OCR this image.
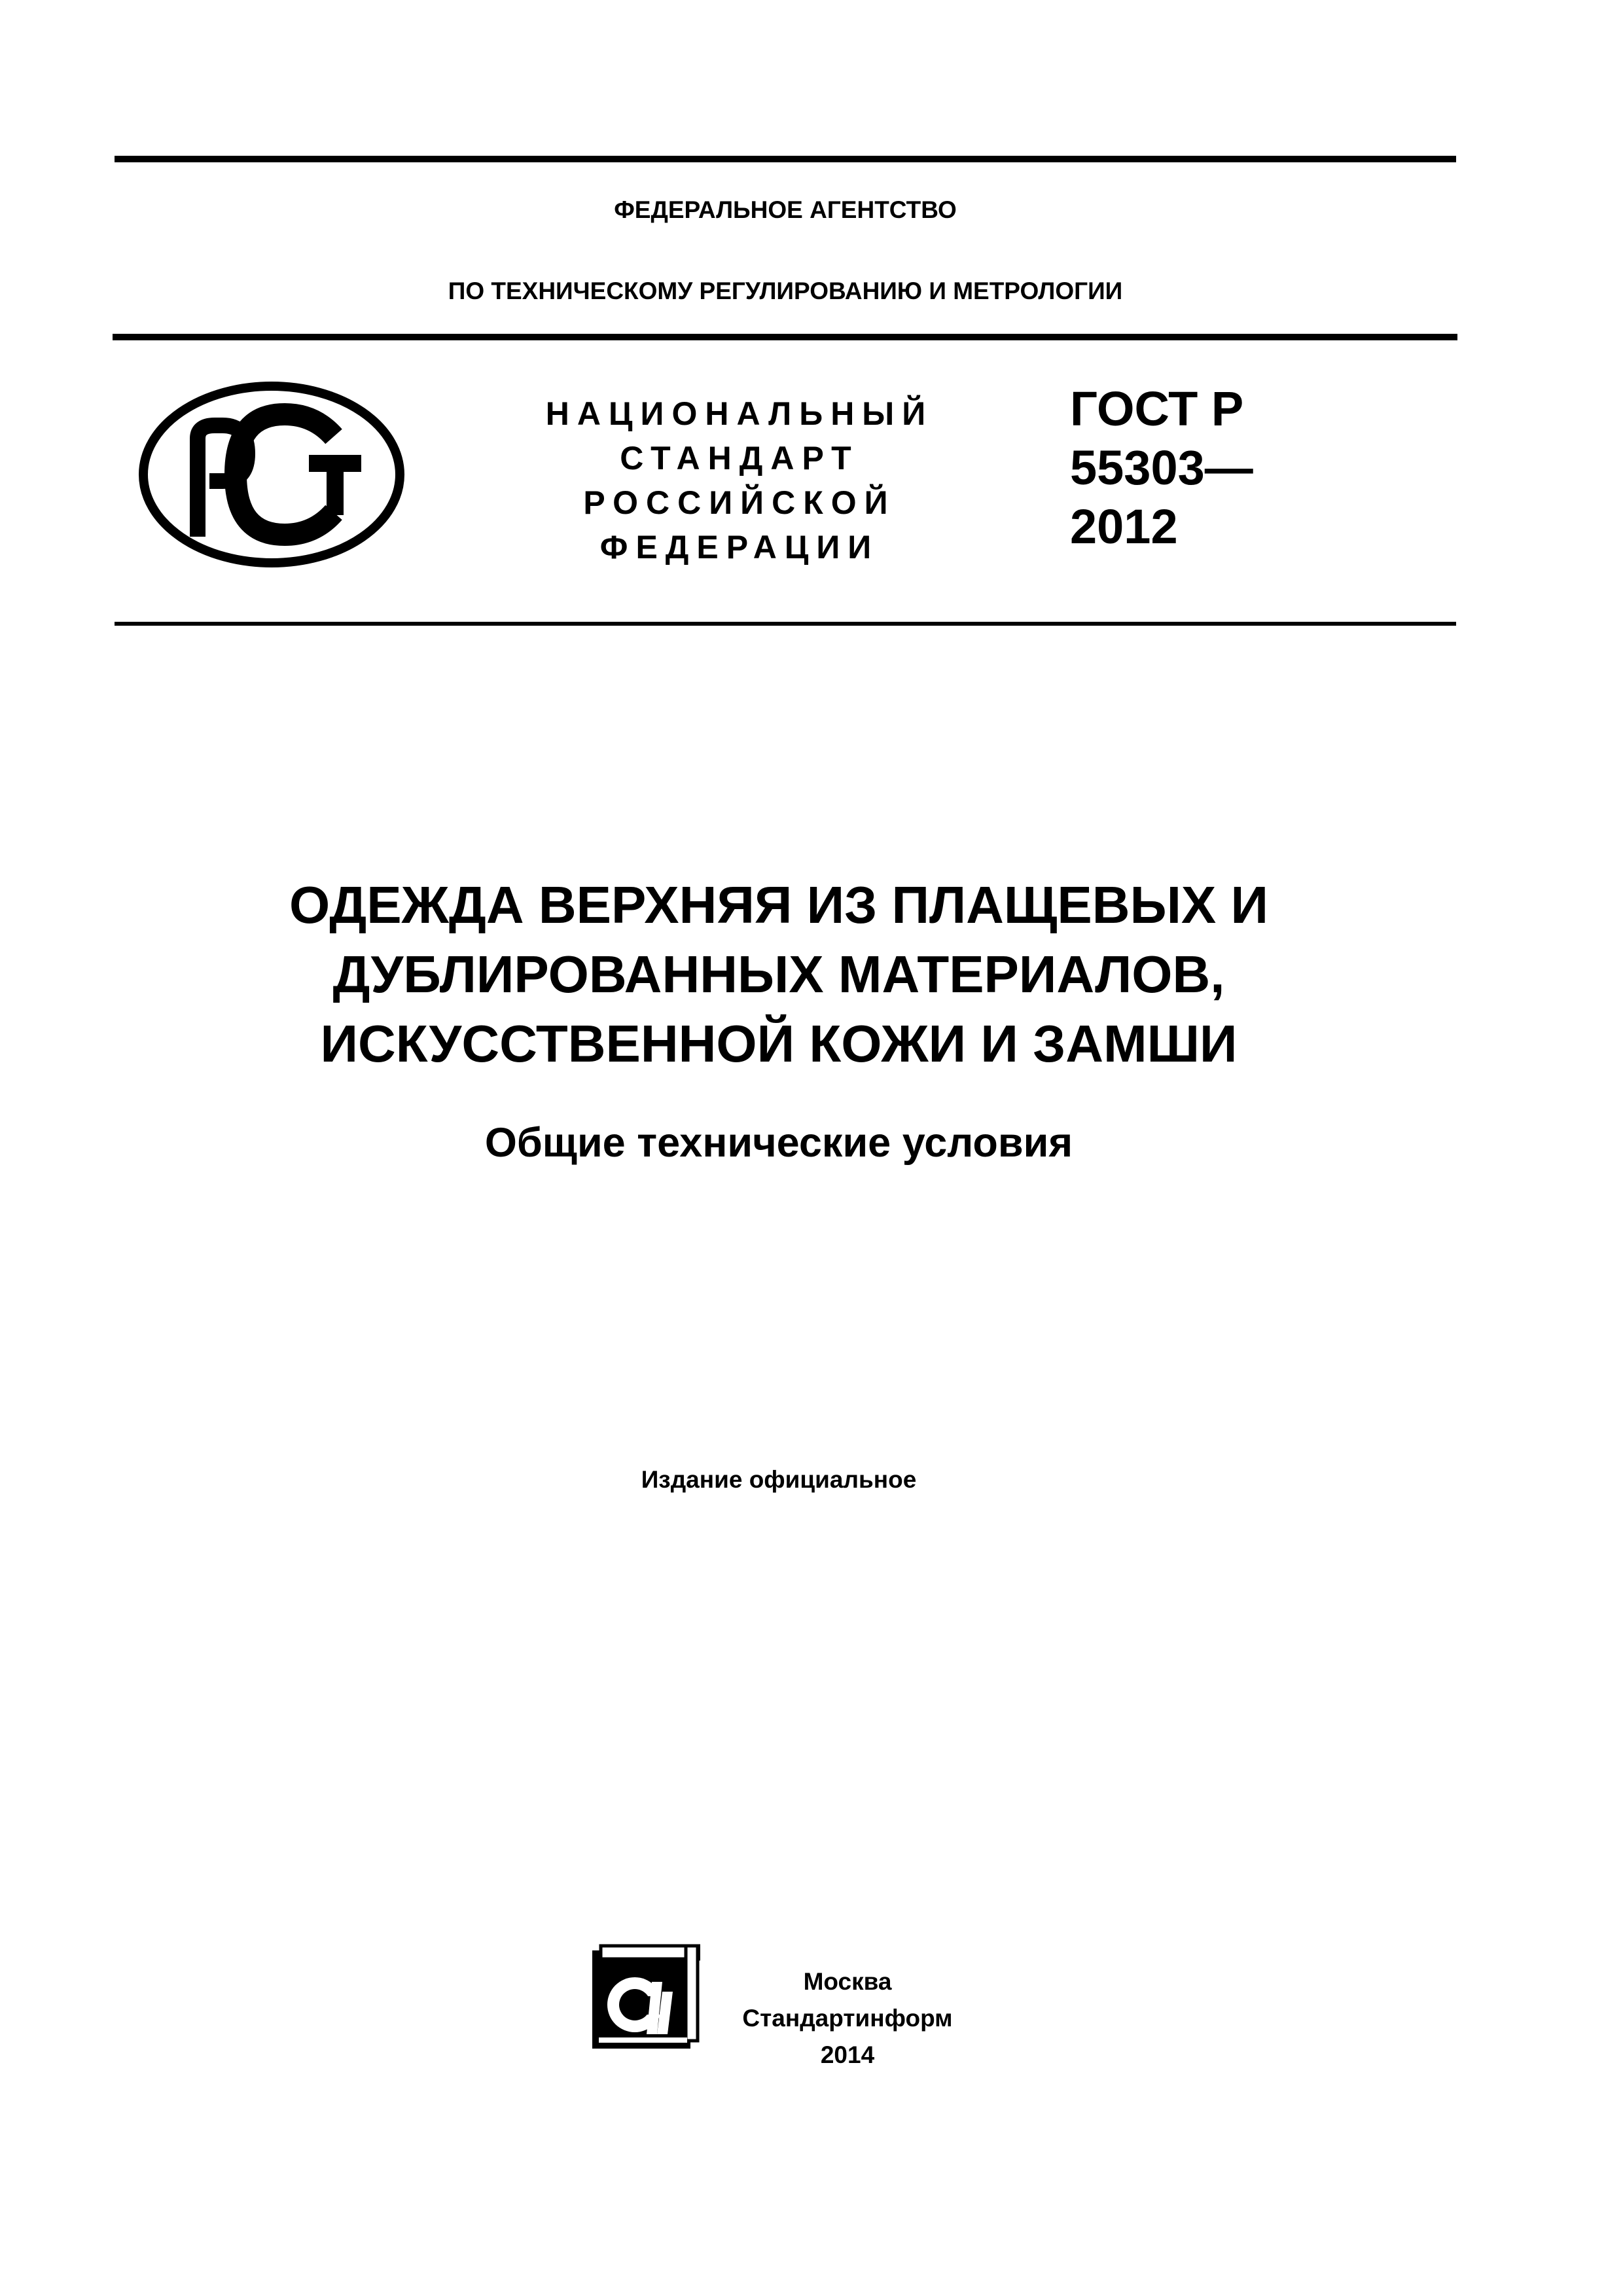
ФЕДЕРАЛЬНОЕ АГЕНТСТВО
ПО ТЕХНИЧЕСКОМУ РЕГУЛИРОВАНИЮ И МЕТРОЛОГИИ
НАЦИОНАЛЬНЫЙ
СТАНДАРТ
РОССИЙСКОЙ
ФЕДЕРАЦИИ
ГОСТ Р
55303—
2012
ОДЕЖДА ВЕРХНЯЯ ИЗ ПЛАЩЕВЫХ И
ДУБЛИРОВАННЫХ МАТЕРИАЛОВ,
ИСКУССТВЕННОЙ КОЖИ И ЗАМШИ
Общие технические условия
Издание официальное
Москва
Стандартинформ
2014
